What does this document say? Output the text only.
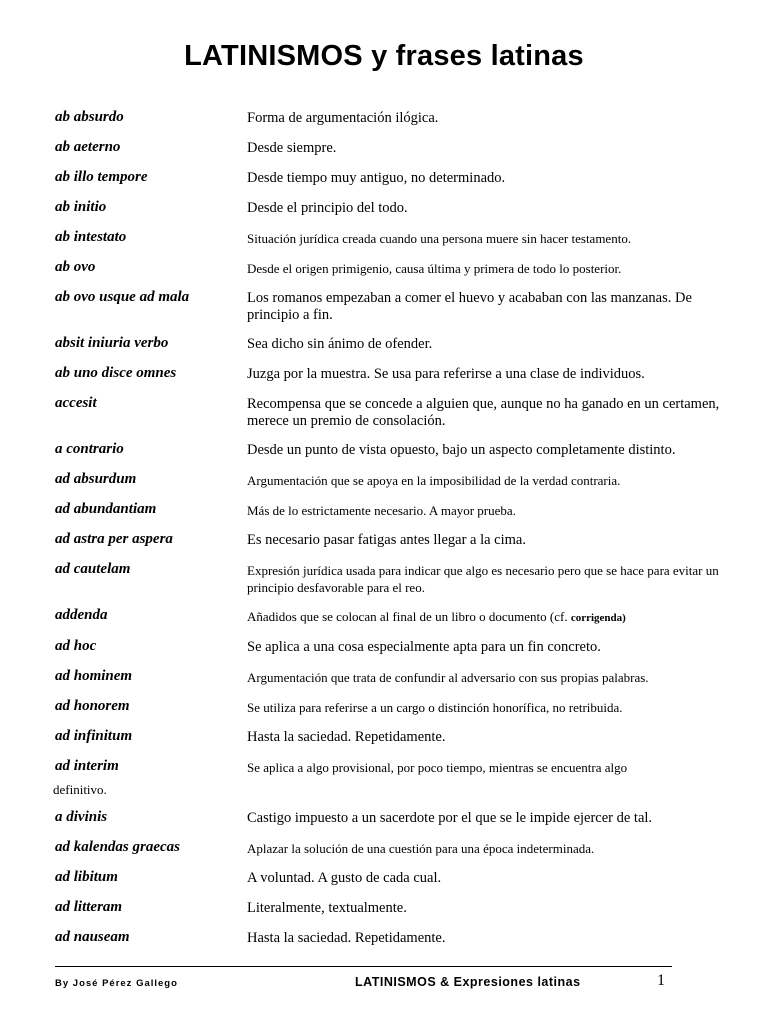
LATINISMOS y frases latinas
ab absurdo	Forma de argumentación ilógica.
ab aeterno	Desde siempre.
ab illo tempore	Desde tiempo muy antiguo, no determinado.
ab initio	Desde el principio del todo.
ab intestato	Situación jurídica creada cuando una persona muere sin hacer testamento.
ab ovo	Desde el origen primigenio, causa última y primera de todo lo posterior.
ab ovo usque ad mala	Los romanos empezaban a comer el huevo y acababan con las manzanas. De principio a fin.
absit iniuria verbo	Sea dicho sin ánimo de ofender.
ab uno disce omnes	Juzga por la muestra. Se usa para referirse a una clase de individuos.
accesit	Recompensa que se concede a alguien que, aunque no ha ganado en un certamen, merece un premio de consolación.
a contrario	Desde un punto de vista opuesto, bajo un aspecto completamente distinto.
ad absurdum	Argumentación que se apoya en la imposibilidad de la verdad contraria.
ad abundantiam	Más de lo estrictamente necesario. A mayor prueba.
ad astra per aspera	Es necesario pasar fatigas antes llegar a la cima.
ad cautelam	Expresión jurídica usada para indicar que algo es necesario pero que se hace para evitar un principio desfavorable para el reo.
addenda	Añadidos que se colocan al final de un libro o documento (cf. corrigenda)
ad hoc	Se aplica a una cosa especialmente apta para un fin concreto.
ad hominem	Argumentación que trata de confundir al adversario con sus propias palabras.
ad honorem	Se utiliza para referirse a un cargo o distinción honorífica, no retribuida.
ad infinitum	Hasta la saciedad. Repetidamente.
ad interim	Se aplica a algo provisional, por poco tiempo, mientras se encuentra algo
definitivo.
a divinis	Castigo impuesto a un sacerdote por el que se le impide ejercer de tal.
ad kalendas graecas	Aplazar la solución de una cuestión para una época indeterminada.
ad libitum	A voluntad. A gusto de cada cual.
ad litteram	Literalmente, textualmente.
ad nauseam	Hasta la saciedad. Repetidamente.
By José Pérez Gallego	LATINISMOS & Expresiones latinas	1
